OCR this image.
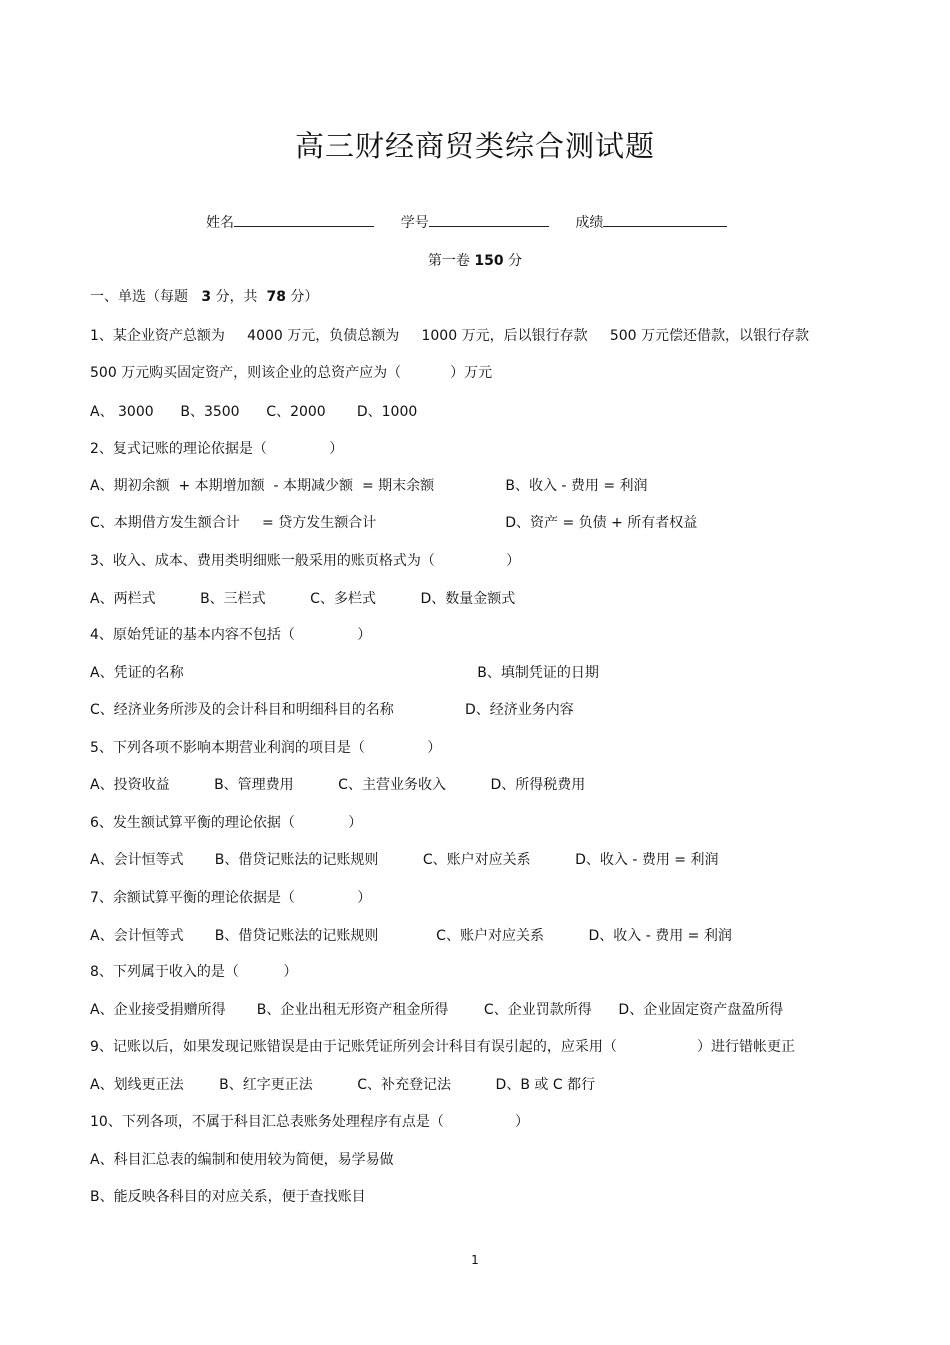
高三财经商贸类综合测试题
姓名	学号	成绩
第一卷 150 分
一、单选（每题 3 分，共 78 分）
1、某企业资产总额为     4000 万元，负债总额为     1000 万元，后以银行存款     500 万元偿还借款，以银行存款
500 万元购买固定资产，则该企业的总资产应为（           ）万元
A、 3000      B、3500      C、2000       D、1000
2、复式记账的理论依据是（              ）
A、期初余额  + 本期增加额  - 本期减少额  = 期末余额                B、收入 - 费用 = 利润
C、本期借方发生额合计     = 贷方发生额合计                             D、资产 = 负债 + 所有者权益
3、收入、成本、费用类明细账一般采用的账页格式为（                ）
A、两栏式          B、三栏式          C、多栏式          D、数量金额式
4、原始凭证的基本内容不包括（              ）
A、凭证的名称                                                                  B、填制凭证的日期
C、经济业务所涉及的会计科目和明细科目的名称                D、经济业务内容
5、下列各项不影响本期营业利润的项目是（              ）
A、投资收益          B、管理费用          C、主营业务收入          D、所得税费用
6、发生额试算平衡的理论依据（            ）
A、会计恒等式       B、借贷记账法的记账规则          C、账户对应关系          D、收入 - 费用 = 利润
7、余额试算平衡的理论依据是（              ）
A、会计恒等式       B、借贷记账法的记账规则             C、账户对应关系          D、收入 - 费用 = 利润
8、下列属于收入的是（          ）
A、企业接受捐赠所得       B、企业出租无形资产租金所得        C、企业罚款所得      D、企业固定资产盘盈所得
9、记账以后，如果发现记账错误是由于记账凭证所列会计科目有误引起的，应采用（                  ）进行错帐更正
A、划线更正法        B、红字更正法          C、补充登记法          D、B 或 C 都行
10、下列各项，不属于科目汇总表账务处理程序有点是（                ）
A、科目汇总表的编制和使用较为简便，易学易做
B、能反映各科目的对应关系，便于查找账目
1
